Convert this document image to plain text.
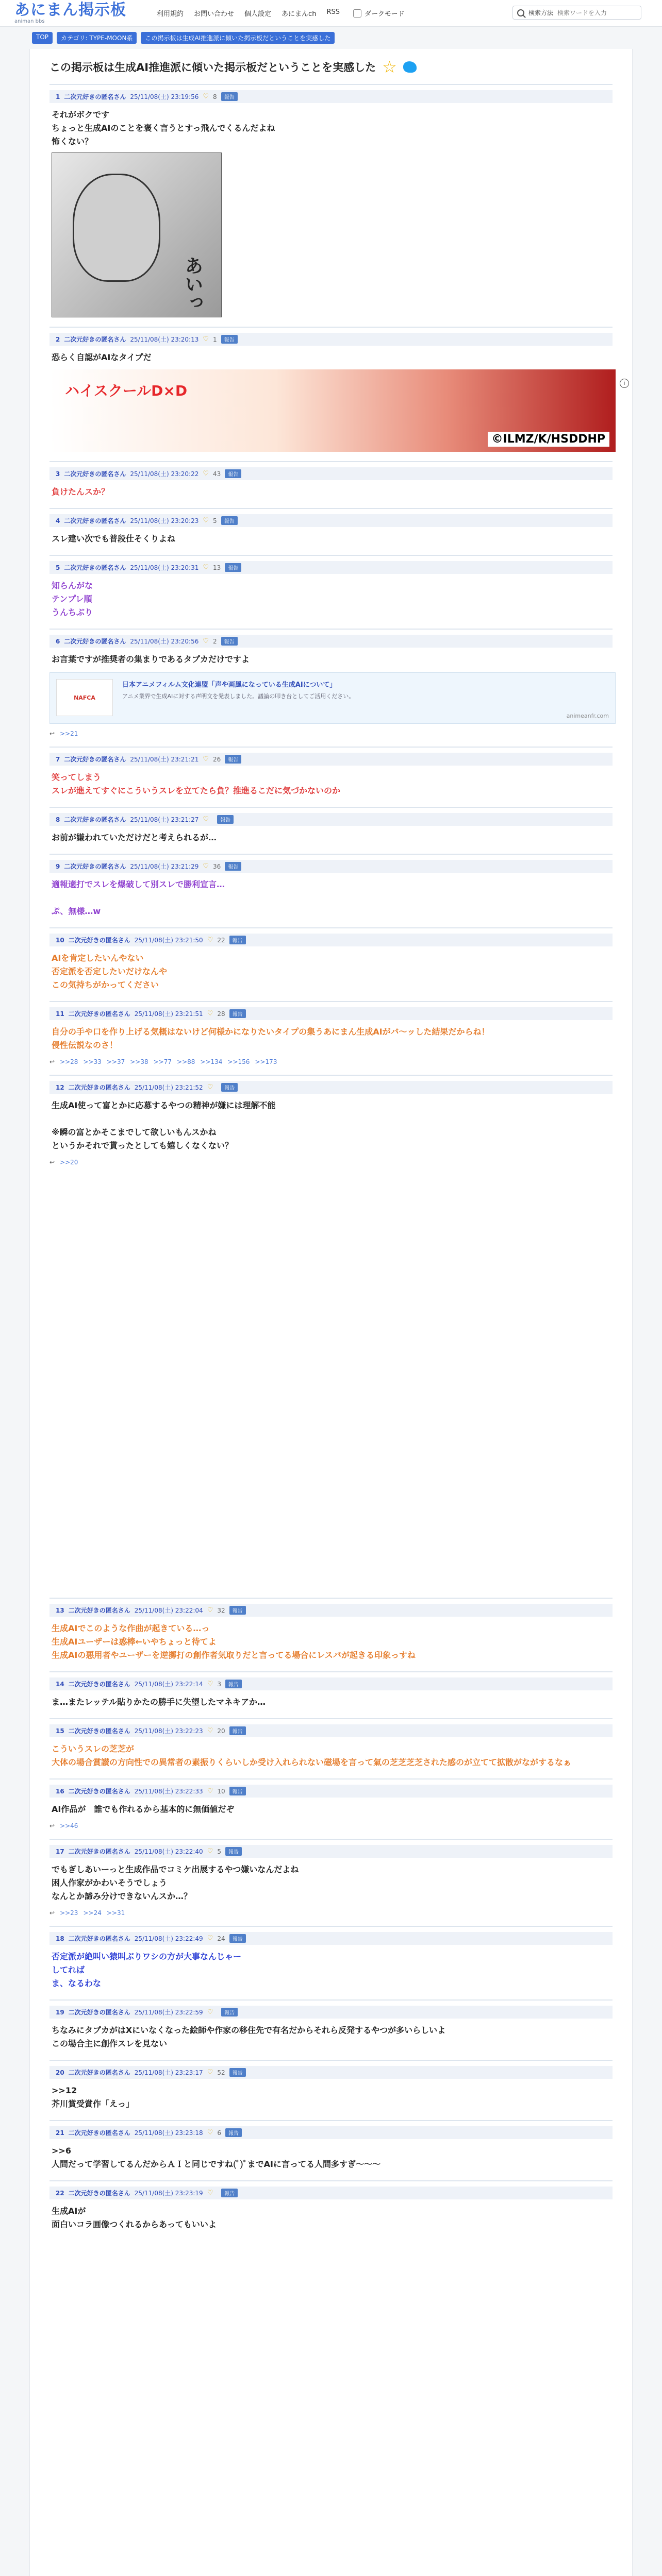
あにまん掲示板
animan bbs
利用規約 お問い合わせ 個人設定 あにまんch RSS	ダークモード	検索方法
検索ワードを入力
TOP	カテゴリ: TYPE-MOON系	この掲示板は生成AI推進派に傾いた掲示板だということを実感した
この掲示板は生成AI推進派に傾いた掲示板だということを実感した ☆
1 二次元好きの匿名さん 25/11/08(土) 23:19:56 ♡ 8	報告
それがボクです
ちょっと生成AIのことを褒く言うとすっ飛んでくるんだよね
怖くない？
あいっ
2 二次元好きの匿名さん 25/11/08(土) 23:20:13 ♡ 1	報告
恐らく自認がAIなタイプだ
ハイスクールD×D
©ILMZ/K/HSDDHP
i
3 二次元好きの匿名さん 25/11/08(土) 23:20:22 ♡ 43	報告
負けたんスか？
4 二次元好きの匿名さん 25/11/08(土) 23:20:23 ♡ 5	報告
スレ建い次でも普段仕そくりよね
5 二次元好きの匿名さん 25/11/08(土) 23:20:31 ♡ 13	報告
知らんがな
テンプレ順
うんちぶり
6 二次元好きの匿名さん 25/11/08(土) 23:20:56 ♡ 2	報告
お言葉ですが推奨者の集まりであるタプカだけですよ
NAFCA
日本アニメフィルム文化連盟「声や画風になっている生成AIについて」
アニメ業界で生成AIに対する声明文を発表しました。議論の叩き台としてご活用ください。
animeanfr.com
↩ >>21
7 二次元好きの匿名さん 25/11/08(土) 23:21:21 ♡ 26	報告
笑ってしまう
スレが進えてすぐにこういうスレを立てたら負？推進るこだに気づかないのか
8 二次元好きの匿名さん 25/11/08(土) 23:21:27 ♡	報告
お前が嫌われていただけだと考えられるが…
9 二次元好きの匿名さん 25/11/08(土) 23:21:29 ♡ 36	報告
適報適打でスレを爆破して別スレで勝利宣言…

ぷ、無様…w
10 二次元好きの匿名さん 25/11/08(土) 23:21:50 ♡ 22	報告
AIを肯定したいんやない
否定派を否定したいだけなんや
この気持ちがかってください
11 二次元好きの匿名さん 25/11/08(土) 23:21:51 ♡ 28	報告
自分の手や口を作り上げる気概はないけど何様かになりたいタイプの集うあにまん生成AIがバ〜ッした結果だからね！
侵性伝説なのさ！
↩ >>28 >>33 >>37 >>38 >>77 >>88 >>134 >>156 >>173
12 二次元好きの匿名さん 25/11/08(土) 23:21:52 ♡	報告
生成AI使って富とかに応募するやつの精神が嫌には理解不能

※瞬の富とかそこまでして欲しいもんスかね
というかそれで貰ったとしても嬉しくなくない？
↩ >>20
13 二次元好きの匿名さん 25/11/08(土) 23:22:04 ♡ 32	報告
生成AIでこのような作曲が起きている…っ
生成AIユーザーは惑棒←いやちょっと待てよ
生成AIの悪用者やユーザーを逆擲打の創作者気取りだと言ってる場合にレスバが起きる印象っすね
14 二次元好きの匿名さん 25/11/08(土) 23:22:14 ♡ 3	報告
ま…またレッテル貼りかたの勝手に失望したマネキアか…
15 二次元好きの匿名さん 25/11/08(土) 23:22:23 ♡ 20	報告
こういうスレの芝芝が
大体の場合賞讃の方向性での異常者の素振りくらいしか受け入れられない磁場を言って氣の芝芝芝芝された感のが立てて拡散がながするなぁ
16 二次元好きの匿名さん 25/11/08(土) 23:22:33 ♡ 10	報告
AI作品が　誰でも作れるから基本的に無価値だぞ
↩ >>46
17 二次元好きの匿名さん 25/11/08(土) 23:22:40 ♡ 5	報告
でもぎしあいーっと生成作品でコミケ出展するやつ嫌いなんだよね
困人作家がかわいそうでしょう
なんとか諦み分けできないんスか…？
↩ >>23 >>24 >>31
18 二次元好きの匿名さん 25/11/08(土) 23:22:49 ♡ 24	報告
否定派が絶叫い猿叫ぶりワシの方が大事なんじゃー
してれば
ま、なるわな
19 二次元好きの匿名さん 25/11/08(土) 23:22:59 ♡	報告
ちなみにタプカがはXにいなくなった絵師や作家の移住先で有名だからそれら反発するやつが多いらしいよ
この場合主に創作スレを見ない
20 二次元好きの匿名さん 25/11/08(土) 23:23:17 ♡ 52	報告
>>12
芥川賞受賞作「えっ」
21 二次元好きの匿名さん 25/11/08(土) 23:23:18 ♡ 6	報告
>>6
人間だって学習してるんだからＡＩと同じですね(ﾟ)ﾟまでAIに言ってる人間多すぎ〜〜〜
22 二次元好きの匿名さん 25/11/08(土) 23:23:19 ♡	報告
生成AIが
面白いコラ画像つくれるからあってもいいよ
